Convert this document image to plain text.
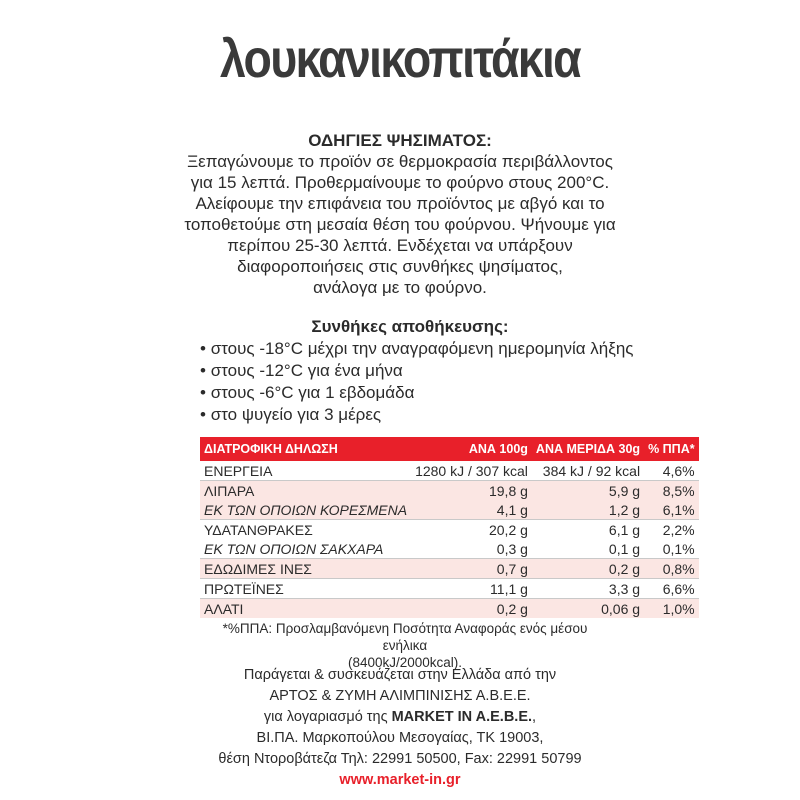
λουκανικοπιτάκια
ΟΔΗΓΙΕΣ ΨΗΣΙΜΑΤΟΣ:
Ξεπαγώνουμε το προϊόν σε θερμοκρασία περιβάλλοντος
για 15 λεπτά. Προθερμαίνουμε το φούρνο στους 200°C.
Αλείφουμε την επιφάνεια του προϊόντος με αβγό και το
τοποθετούμε στη μεσαία θέση του φούρνου. Ψήνουμε για
περίπου 25-30 λεπτά. Ενδέχεται να υπάρξουν
διαφοροποιήσεις στις συνθήκες ψησίματος,
ανάλογα με το φούρνο.
Συνθήκες αποθήκευσης:
• στους -18°C μέχρι την αναγραφόμενη ημερομηνία λήξης
• στους -12°C για ένα μήνα
• στους -6°C για 1 εβδομάδα
• στο ψυγείο για 3 μέρες
ΔΙΑΤΡΟΦΙΚΗ ΔΗΛΩΣΗ	ΑΝΑ 100g	ΑΝΑ ΜΕΡΙΔΑ 30g	% ΠΠΑ*
ΕΝΕΡΓΕΙΑ	1280 kJ / 307 kcal	384 kJ / 92 kcal	4,6%
ΛΙΠΑΡΑ	19,8 g	5,9 g	8,5%
ΕΚ ΤΩΝ ΟΠΟΙΩΝ ΚΟΡΕΣΜΕΝΑ	4,1 g	1,2 g	6,1%
ΥΔΑΤΑΝΘΡΑΚΕΣ	20,2 g	6,1 g	2,2%
ΕΚ ΤΩΝ ΟΠΟΙΩΝ ΣΑΚΧΑΡΑ	0,3 g	0,1 g	0,1%
ΕΔΩΔΙΜΕΣ ΙΝΕΣ	0,7 g	0,2 g	0,8%
ΠΡΩΤΕΪΝΕΣ	11,1 g	3,3 g	6,6%
ΑΛΑΤΙ	0,2 g	0,06 g	1,0%
*%ΠΠΑ: Προσλαμβανόμενη Ποσότητα Αναφοράς ενός μέσου ενήλικα
(8400kJ/2000kcal).
Παράγεται & συσκευάζεται στην Ελλάδα από την
ΑΡΤΟΣ & ΖΥΜΗ ΑΛΙΜΠΙΝΙΣΗΣ Α.Β.Ε.Ε.
για λογαριασμό της MARKET IN A.E.B.E.,
ΒΙ.ΠΑ. Μαρκοπούλου Μεσογαίας, ΤΚ 19003,
θέση Ντοροβάτεζα Τηλ: 22991 50500, Fax: 22991 50799
www.market-in.gr
